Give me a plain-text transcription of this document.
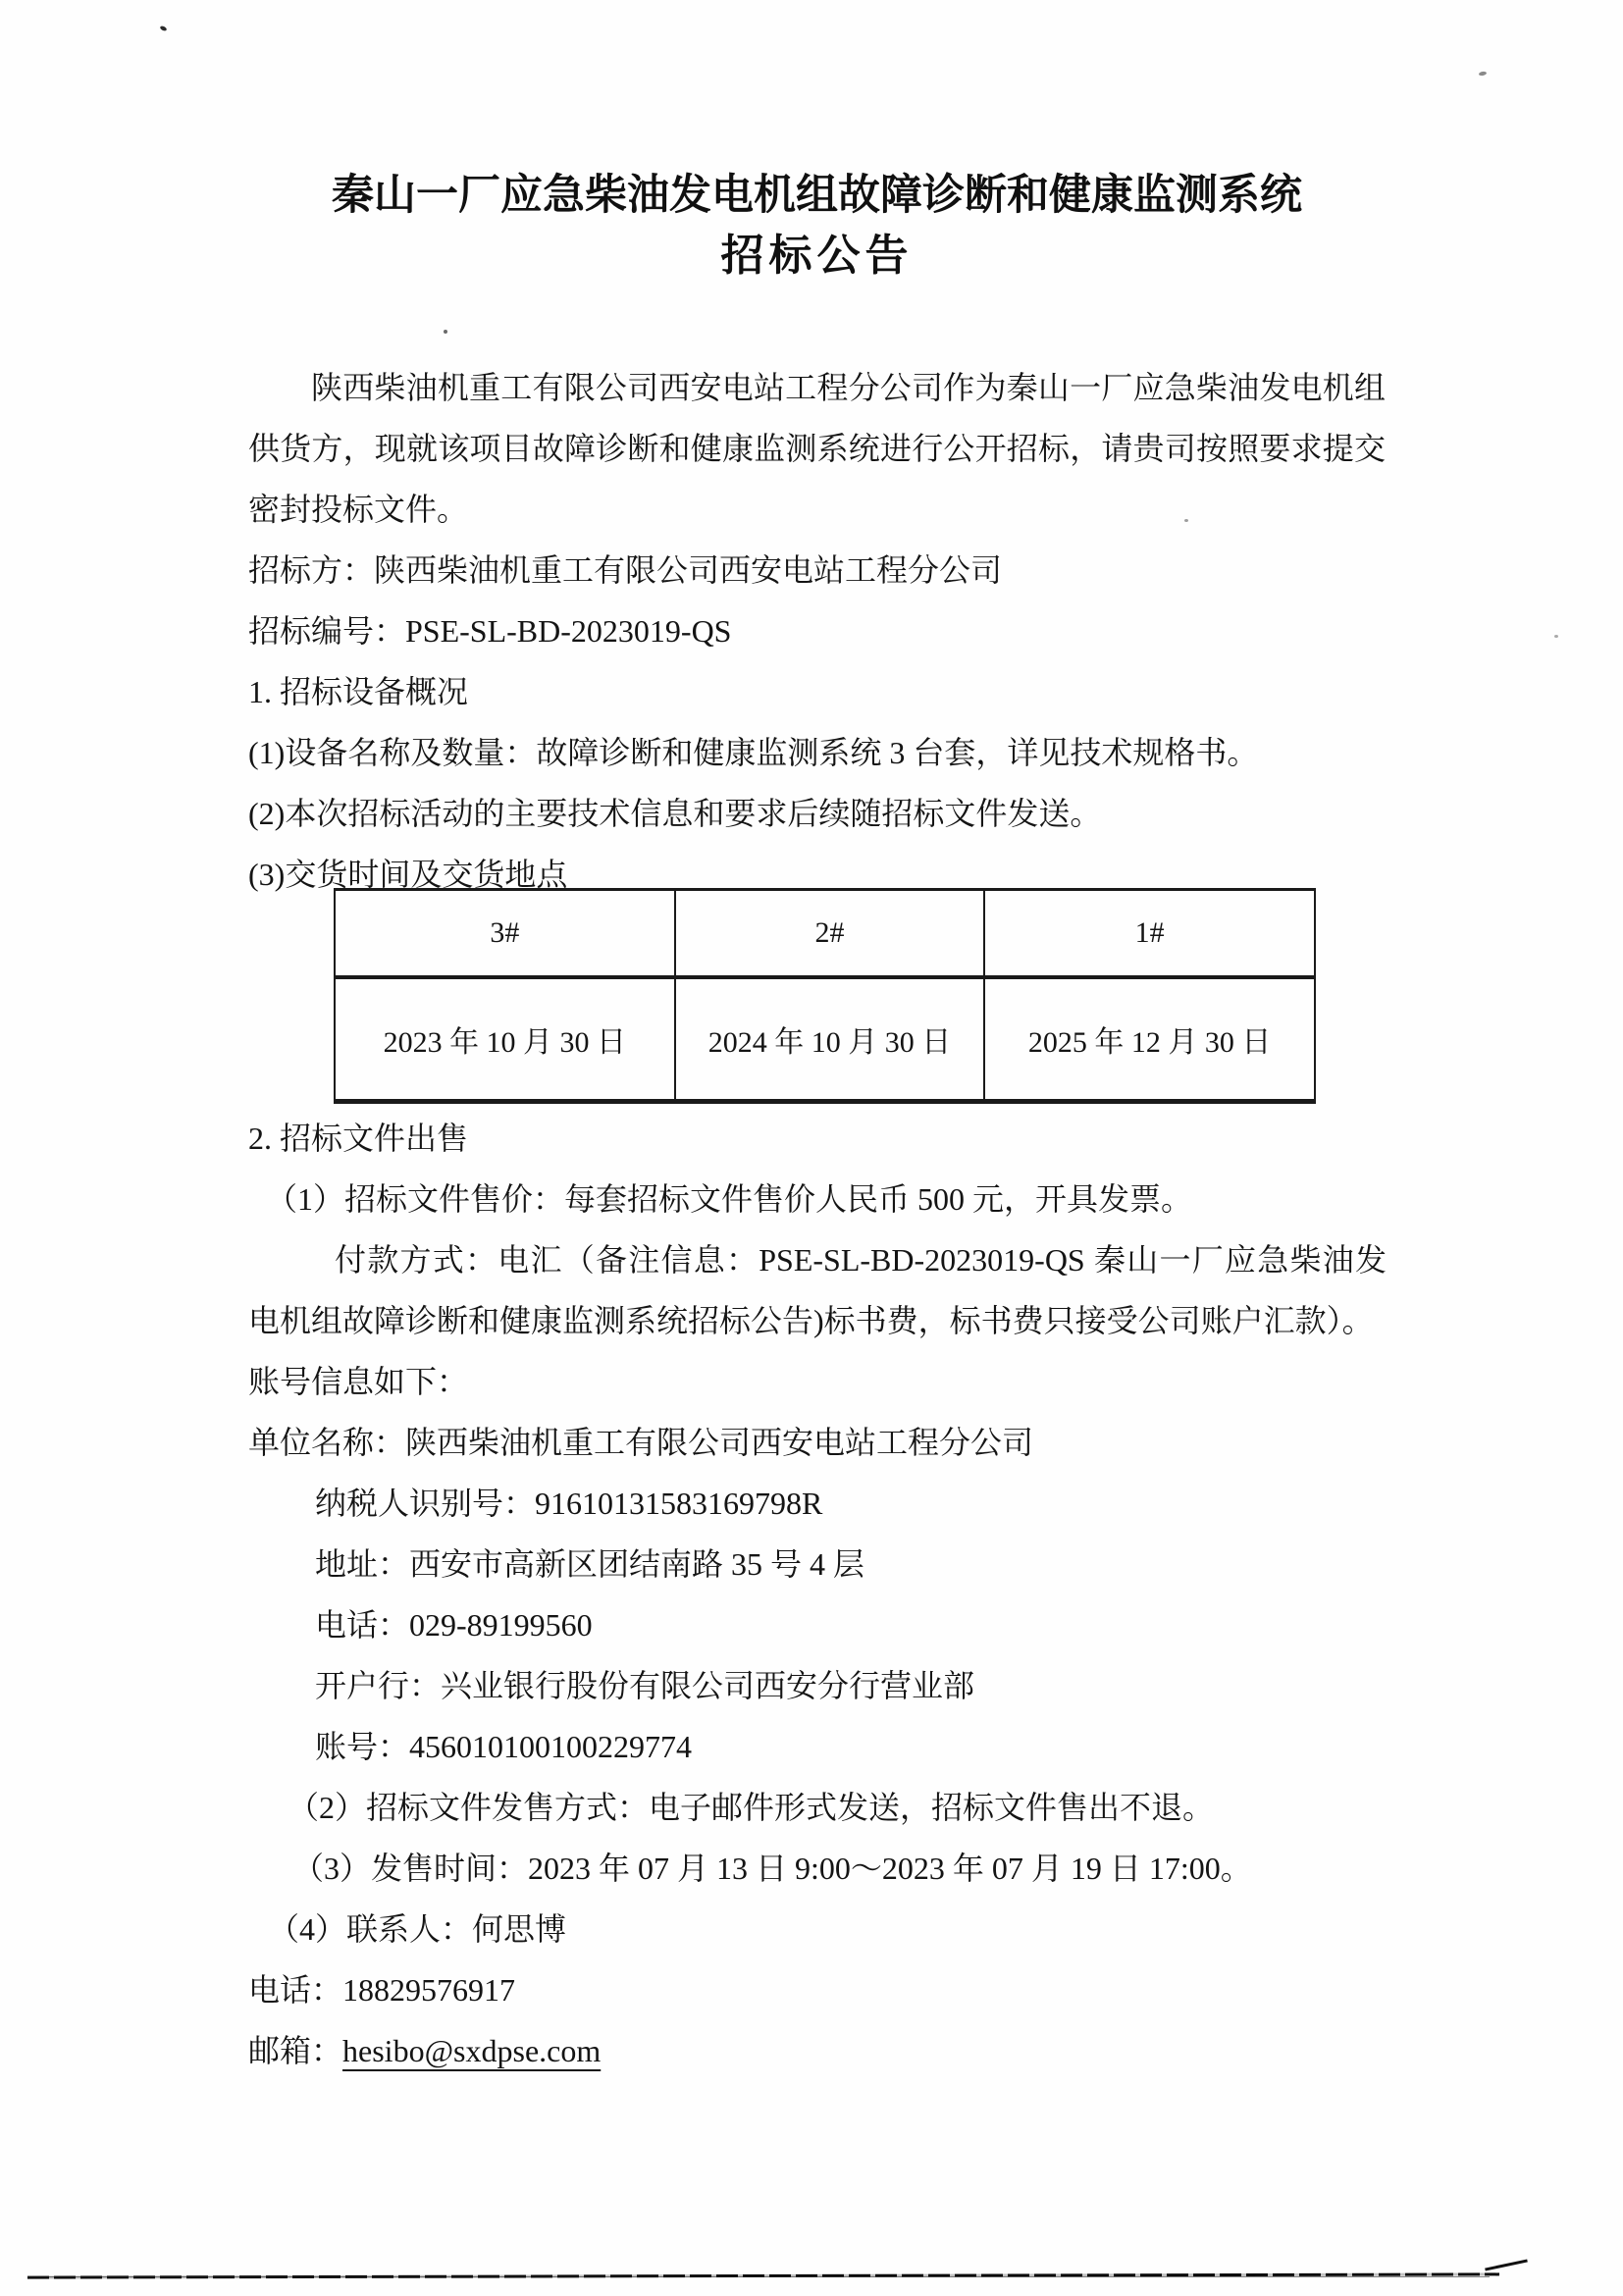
秦山一厂应急柴油发电机组故障诊断和健康监测系统
招标公告
陕西柴油机重工有限公司西安电站工程分公司作为秦山一厂应急柴油发电机组供货方，现就该项目故障诊断和健康监测系统进行公开招标，请贵司按照要求提交密封投标文件。
招标方：陕西柴油机重工有限公司西安电站工程分公司
招标编号：PSE-SL-BD-2023019-QS
1. 招标设备概况
(1)设备名称及数量：故障诊断和健康监测系统 3 台套，详见技术规格书。
(2)本次招标活动的主要技术信息和要求后续随招标文件发送。
(3)交货时间及交货地点
3#	2#	1#
2023 年 10 月 30 日	2024 年 10 月 30 日	2025 年 12 月 30 日
2. 招标文件出售
（1）招标文件售价：每套招标文件售价人民币 500 元，开具发票。
付款方式：电汇（备注信息：PSE-SL-BD-2023019-QS 秦山一厂应急柴油发电机组故障诊断和健康监测系统招标公告)标书费，标书费只接受公司账户汇款）。
账号信息如下：
单位名称：陕西柴油机重工有限公司西安电站工程分公司
纳税人识别号：91610131583169798R
地址：西安市高新区团结南路 35 号 4 层
电话：029-89199560
开户行：兴业银行股份有限公司西安分行营业部
账号：456010100100229774
（2）招标文件发售方式：电子邮件形式发送，招标文件售出不退。
（3）发售时间：2023 年 07 月 13 日 9:00～2023 年 07 月 19 日 17:00。
（4）联系人：何思博
电话：18829576917
邮箱：hesibo@sxdpse.com
